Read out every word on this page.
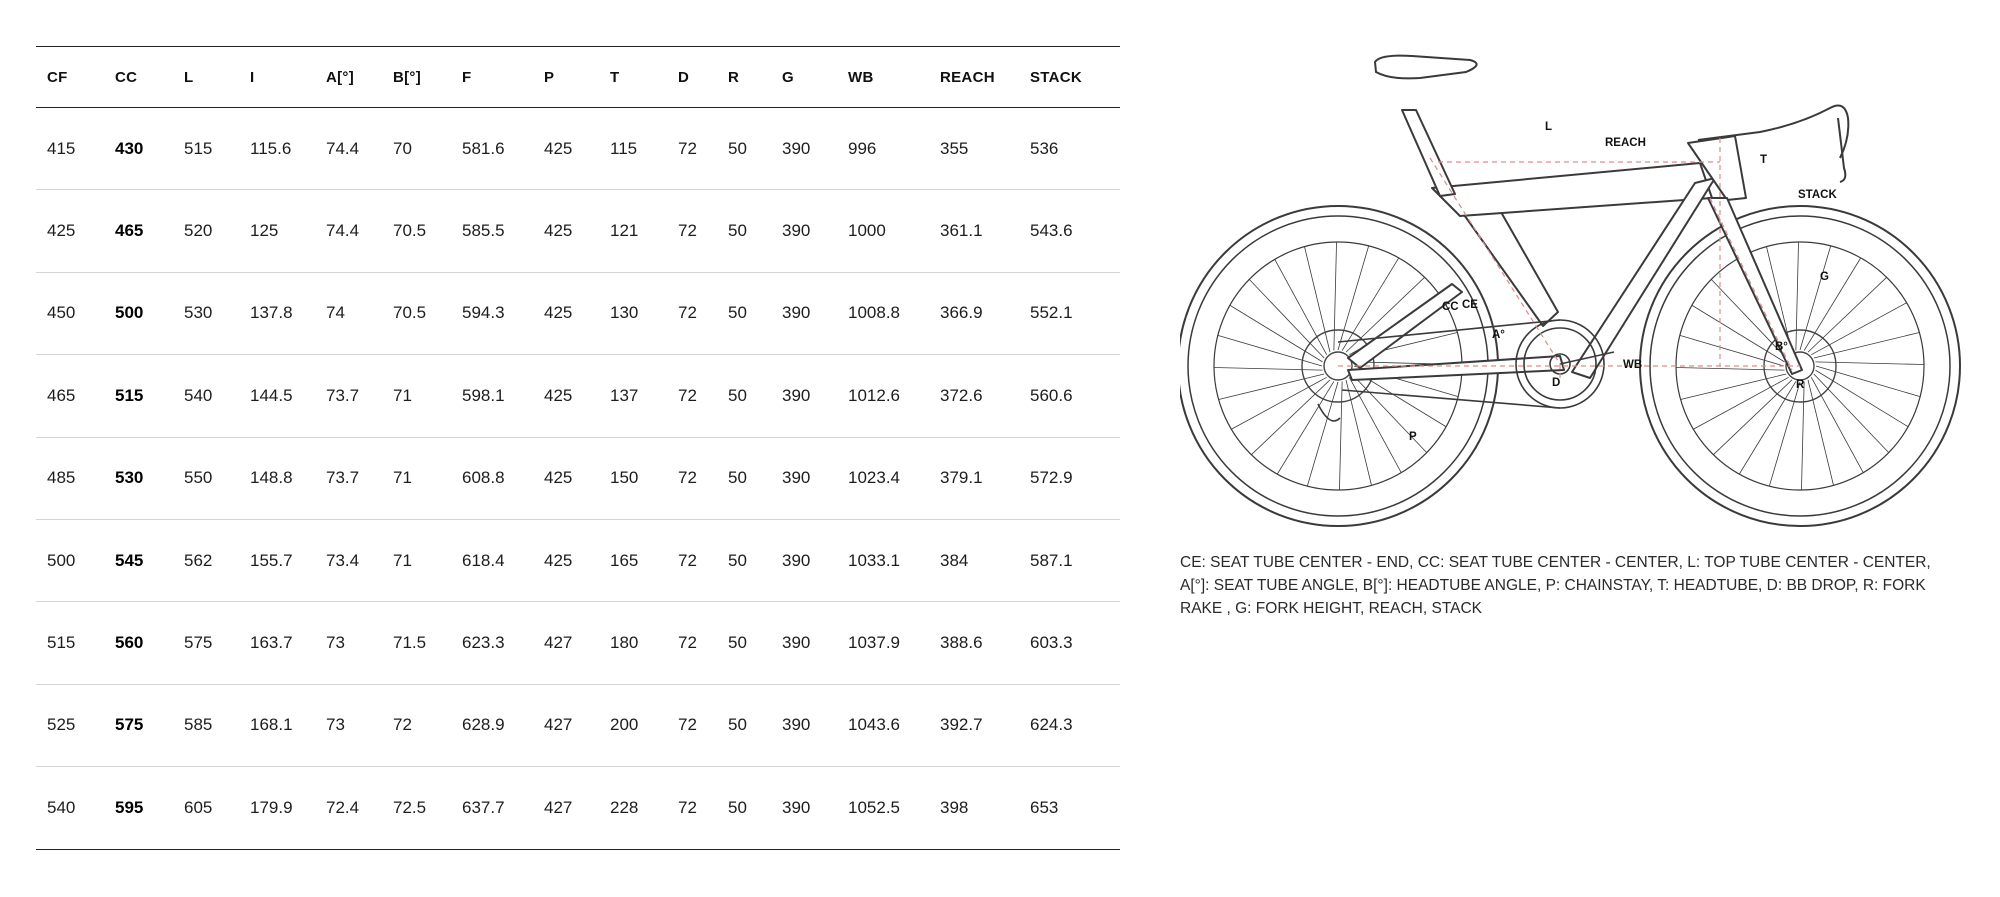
CF	CC	L	I	A[°]	B[°]	F	P	T	D	R	G	WB	REACH	STACK
415	430	515	115.6	74.4	70	581.6	425	115	72	50	390	996	355	536
425	465	520	125	74.4	70.5	585.5	425	121	72	50	390	1000	361.1	543.6
450	500	530	137.8	74	70.5	594.3	425	130	72	50	390	1008.8	366.9	552.1
465	515	540	144.5	73.7	71	598.1	425	137	72	50	390	1012.6	372.6	560.6
485	530	550	148.8	73.7	71	608.8	425	150	72	50	390	1023.4	379.1	572.9
500	545	562	155.7	73.4	71	618.4	425	165	72	50	390	1033.1	384	587.1
515	560	575	163.7	73	71.5	623.3	427	180	72	50	390	1037.9	388.6	603.3
525	575	585	168.1	73	72	628.9	427	200	72	50	390	1043.6	392.7	624.3
540	595	605	179.9	72.4	72.5	637.7	427	228	72	50	390	1052.5	398	653
L
REACH
T
STACK
G
CC CE
A°
B°
D
WB
R
P

CE: SEAT TUBE CENTER - END, CC: SEAT TUBE CENTER - CENTER, L: TOP TUBE CENTER - CENTER, A[°]: SEAT TUBE ANGLE, B[°]: HEADTUBE ANGLE, P: CHAINSTAY, T: HEADTUBE, D: BB DROP, R: FORK RAKE , G: FORK HEIGHT, REACH, STACK
